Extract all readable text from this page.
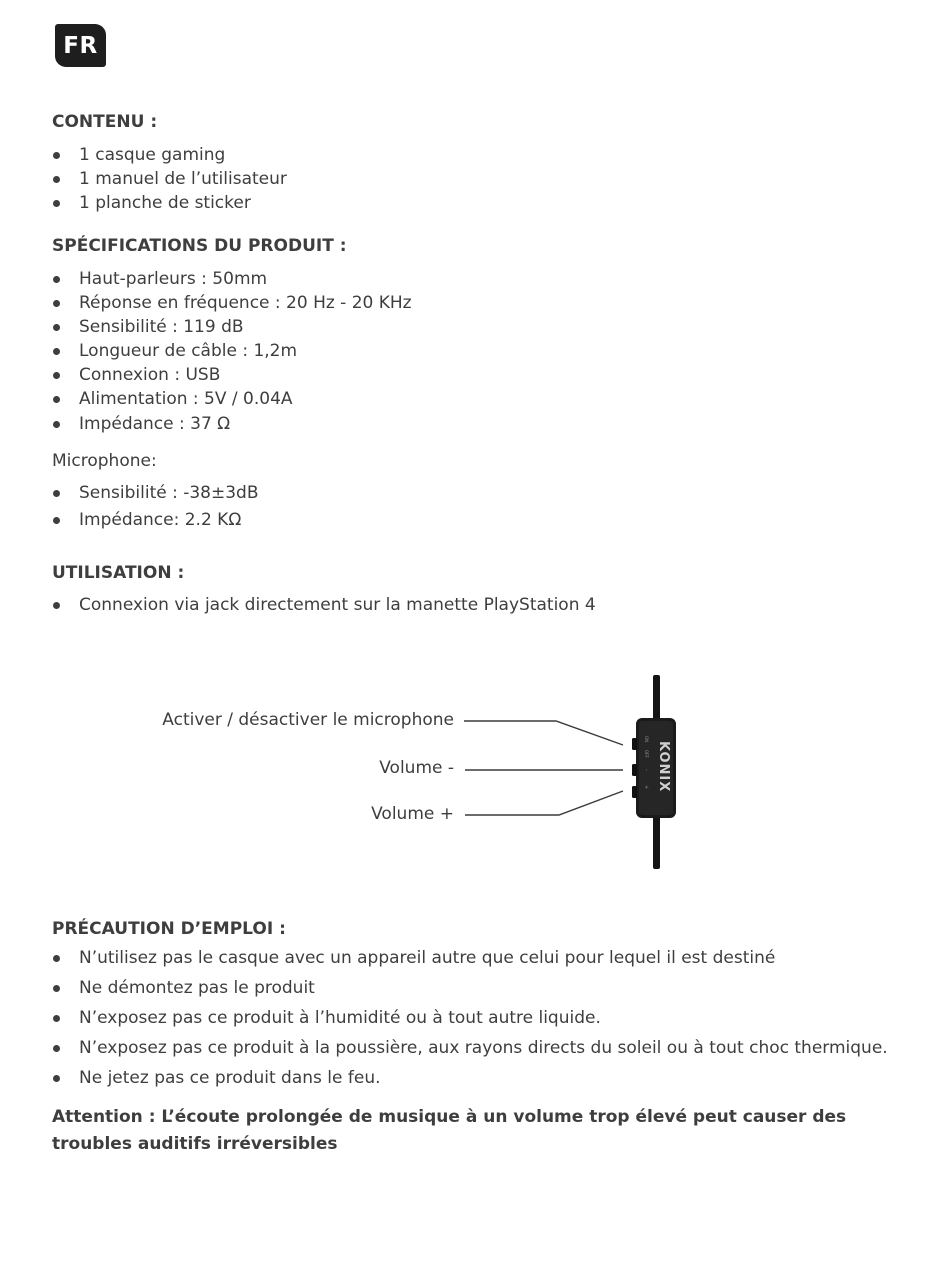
FR
CONTENU :
1 casque gaming
1 manuel de l’utilisateur
1 planche de sticker
SPÉCIFICATIONS DU PRODUIT :
Haut-parleurs : 50mm
Réponse en fréquence : 20 Hz - 20 KHz
Sensibilité : 119 dB
Longueur de câble : 1,2m
Connexion : USB
Alimentation : 5V / 0.04A
Impédance : 37 Ω

Microphone:

Sensibilité : -38±3dB
Impédance: 2.2 KΩ
UTILISATION :
Connexion via jack directement sur la manette PlayStation 4
Activer / désactiver le microphone
Volume -
Volume +
ON
OFF
-
+ KONIX
PRÉCAUTION D’EMPLOI :
N’utilisez pas le casque avec un appareil autre que celui pour lequel il est destiné
Ne démontez pas le produit
N’exposez pas ce produit à l’humidité ou à tout autre liquide.
N’exposez pas ce produit à la poussière, aux rayons directs du soleil ou à tout choc thermique.
Ne jetez pas ce produit dans le feu.

Attention : L’écoute prolongée de musique à un volume trop élevé peut causer des troubles auditifs irréversibles
